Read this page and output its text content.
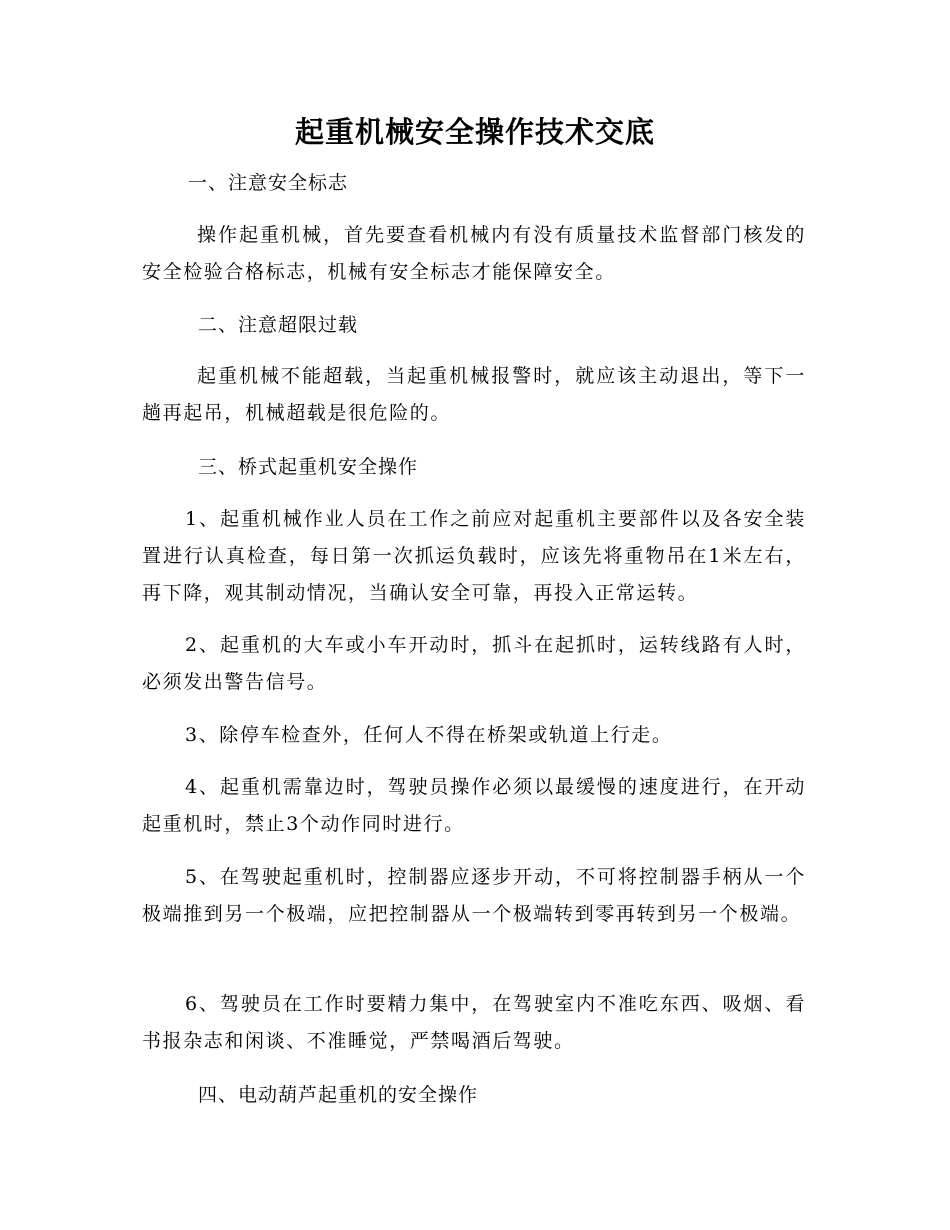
起重机械安全操作技术交底
一、注意安全标志
操作起重机械，首先要查看机械内有没有质量技术监督部门核发的安全检验合格标志，机械有安全标志才能保障安全。
二、注意超限过载
起重机械不能超载，当起重机械报警时，就应该主动退出，等下一趟再起吊，机械超载是很危险的。
三、桥式起重机安全操作
1、起重机械作业人员在工作之前应对起重机主要部件以及各安全装置进行认真检查，每日第一次抓运负载时，应该先将重物吊在1米左右，再下降，观其制动情况，当确认安全可靠，再投入正常运转。
2、起重机的大车或小车开动时，抓斗在起抓时，运转线路有人时，必须发出警告信号。
3、除停车检查外，任何人不得在桥架或轨道上行走。
4、起重机需靠边时，驾驶员操作必须以最缓慢的速度进行，在开动起重机时，禁止3个动作同时进行。
5、在驾驶起重机时，控制器应逐步开动，不可将控制器手柄从一个极端推到另一个极端，应把控制器从一个极端转到零再转到另一个极端。
6、驾驶员在工作时要精力集中，在驾驶室内不准吃东西、吸烟、看书报杂志和闲谈、不准睡觉，严禁喝酒后驾驶。
四、电动葫芦起重机的安全操作
